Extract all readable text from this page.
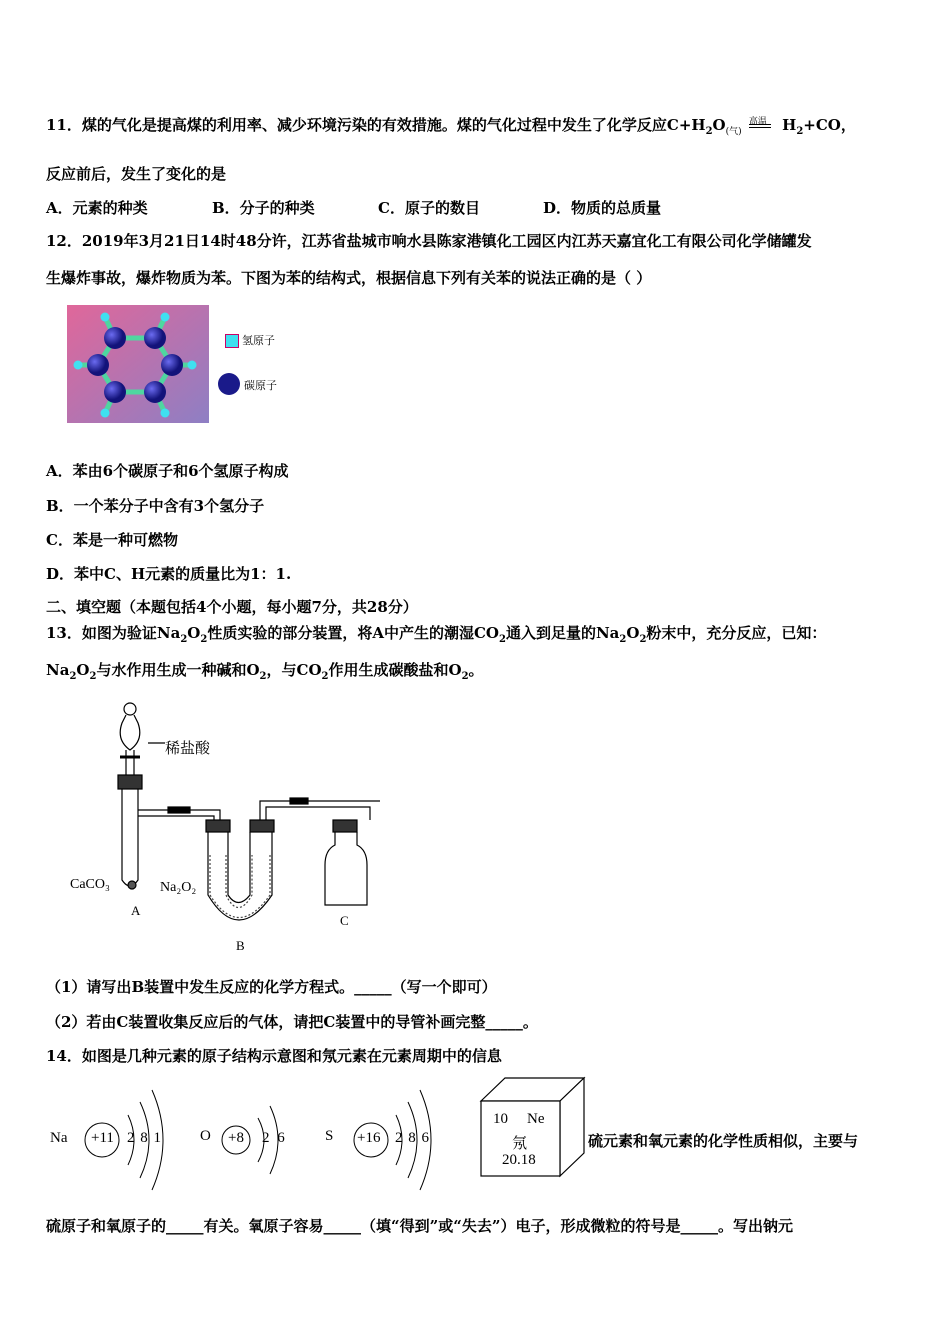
11．煤的气化是提高煤的利用率、减少环境污染的有效措施。煤的气化过程中发生了化学反应$C+H_2O_{(气)}$
高温 $H_2+CO$，
反应前后，发生了变化的是
A．元素的种类	B．分子的种类	C．原子的数目	D．物质的总质量
12．2019年3月21日14时48分许，江苏省盐城市响水县陈家港镇化工园区内江苏天嘉宜化工有限公司化学储罐发
生爆炸事故，爆炸物质为苯。下图为苯的结构式，根据信息下列有关苯的说法正确的是（ ）
氢原子
碳原子
A．苯由6个碳原子和6个氢原子构成
B．一个苯分子中含有3个氢分子
C．苯是一种可燃物
D．苯中C、H元素的质量比为1：1.
二、填空题（本题包括4个小题，每小题7分，共28分）
13．如图为验证$Na_2O_2$性质实验的部分装置，将A中产生的潮湿$CO_2$通入到足量的$Na_2O_2$粉末中，充分反应，已知：
$Na_2O_2$与水作用生成一种碱和$O_2$，与$CO_2$作用生成碳酸盐和$O_2$。
稀盐酸
CaCO₃	Na₂O₂
A
B
C
（1）请写出B装置中发生反应的化学方程式。_____（写一个即可）
（2）若由C装置收集反应后的气体，请把C装置中的导管补画完整_____。
14．如图是几种元素的原子结构示意图和氖元素在元素周期中的信息
Na +11 2 8 1	O +8 2 6	S +16 2 8 6
10 Ne
氖
20.18
硫元素和氧元素的化学性质相似，主要与
硫原子和氧原子的_____有关。氧原子容易_____（填“得到”或“失去”）电子，形成微粒的符号是_____。写出钠元
